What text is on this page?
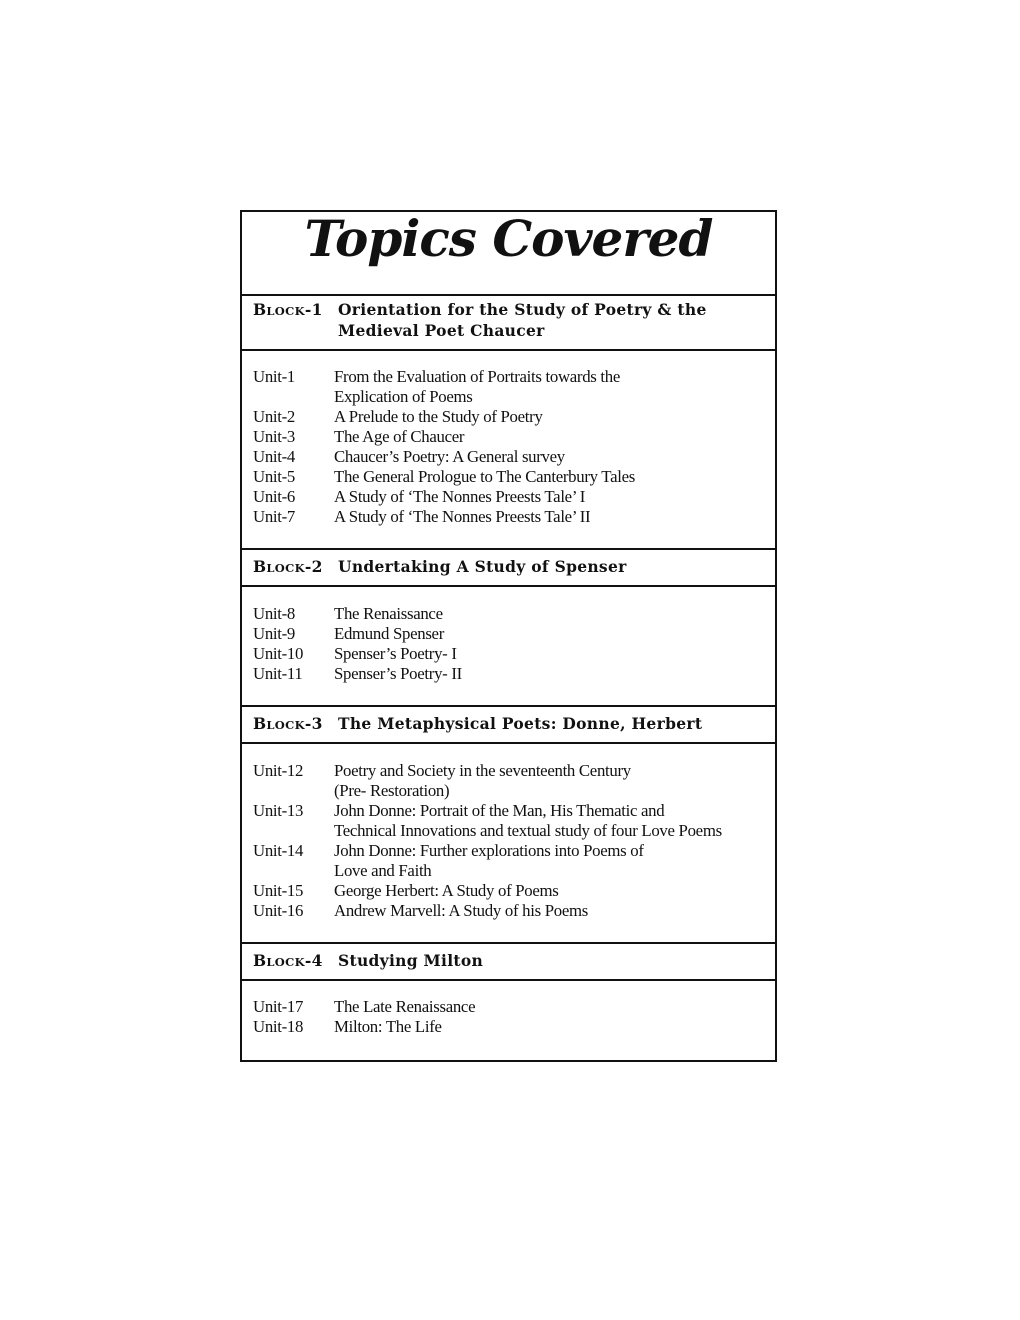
Topics Covered
BLOCK-1 Orientation for the Study of Poetry & the Medieval Poet Chaucer
Unit-1 From the Evaluation of Portraits towards the
Explication of Poems
Unit-2 A Prelude to the Study of Poetry
Unit-3 The Age of Chaucer
Unit-4 Chaucer’s Poetry: A General survey
Unit-5 The General Prologue to The Canterbury Tales
Unit-6 A Study of ‘The Nonnes Preests Tale’ I
Unit-7 A Study of ‘The Nonnes Preests Tale’ II
BLOCK-2 Undertaking A Study of Spenser
Unit-8 The Renaissance
Unit-9 Edmund Spenser
Unit-10 Spenser’s Poetry- I
Unit-11 Spenser’s Poetry- II
BLOCK-3 The Metaphysical Poets: Donne, Herbert
Unit-12 Poetry and Society in the seventeenth Century
(Pre- Restoration)
Unit-13 John Donne: Portrait of the Man, His Thematic and
Technical Innovations and textual study of four Love Poems
Unit-14 John Donne: Further explorations into Poems of
Love and Faith
Unit-15 George Herbert: A Study of Poems
Unit-16 Andrew Marvell: A Study of his Poems
BLOCK-4 Studying Milton
Unit-17 The Late Renaissance
Unit-18 Milton: The Life
